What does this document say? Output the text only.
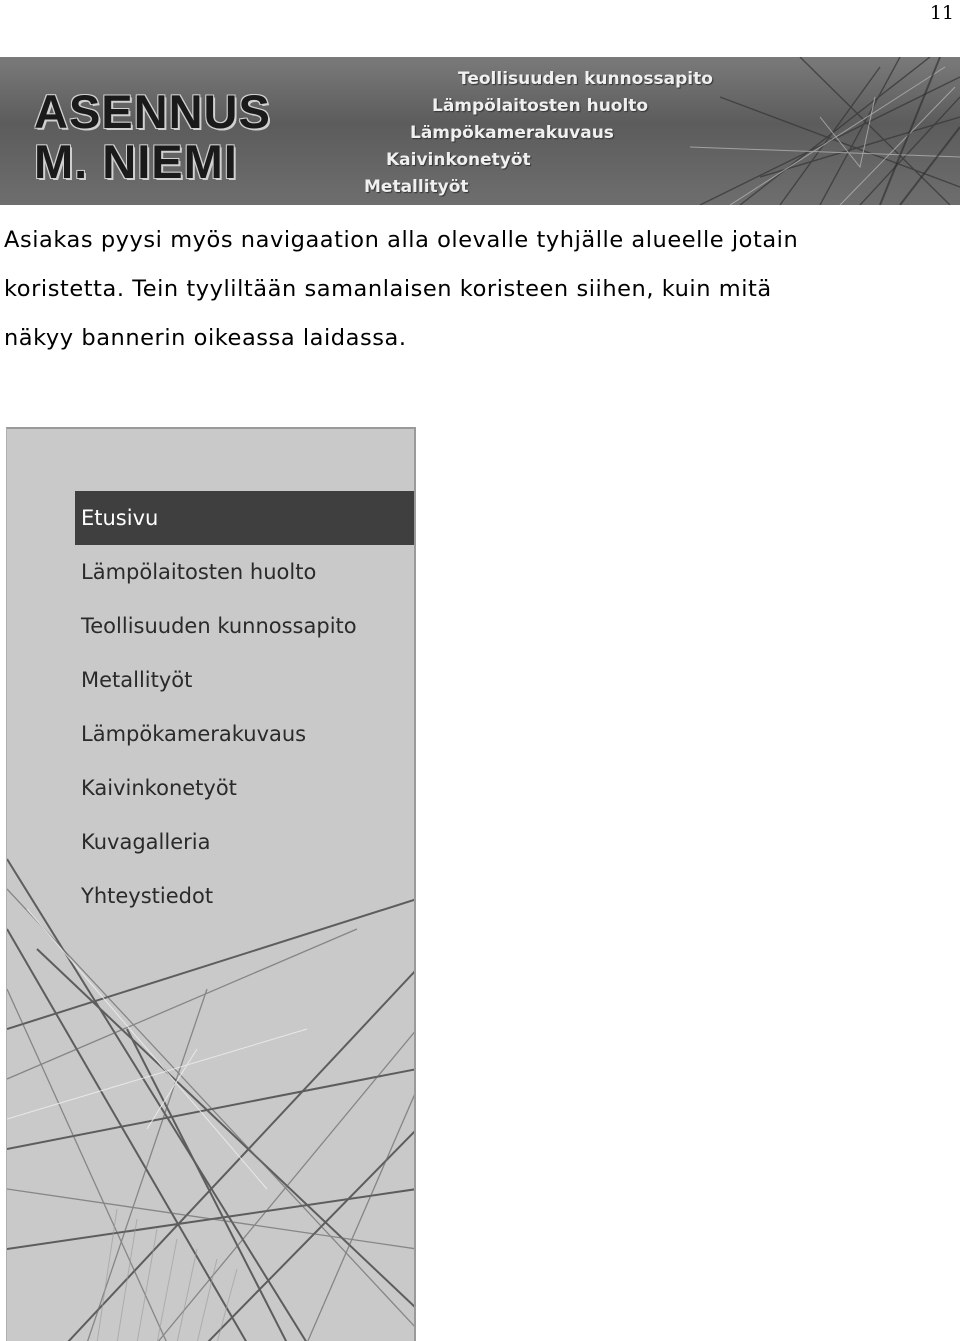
11
ASENNUS
M. NIEMI
Teollisuuden kunnossapito
Lämpölaitosten huolto
Lämpökamerakuvaus
Kaivinkonetyöt
Metallityöt

Asiakas pyysi myös navigaation alla olevalle tyhjälle alueelle jotain
koristetta. Tein tyyliltään samanlaisen koristeen siihen, kuin mitä
näkyy bannerin oikeassa laidassa.

Etusivu
Lämpölaitosten huolto
Teollisuuden kunnossapito
Metallityöt
Lämpökamerakuvaus
Kaivinkonetyöt
Kuvagalleria
Yhteystiedot
